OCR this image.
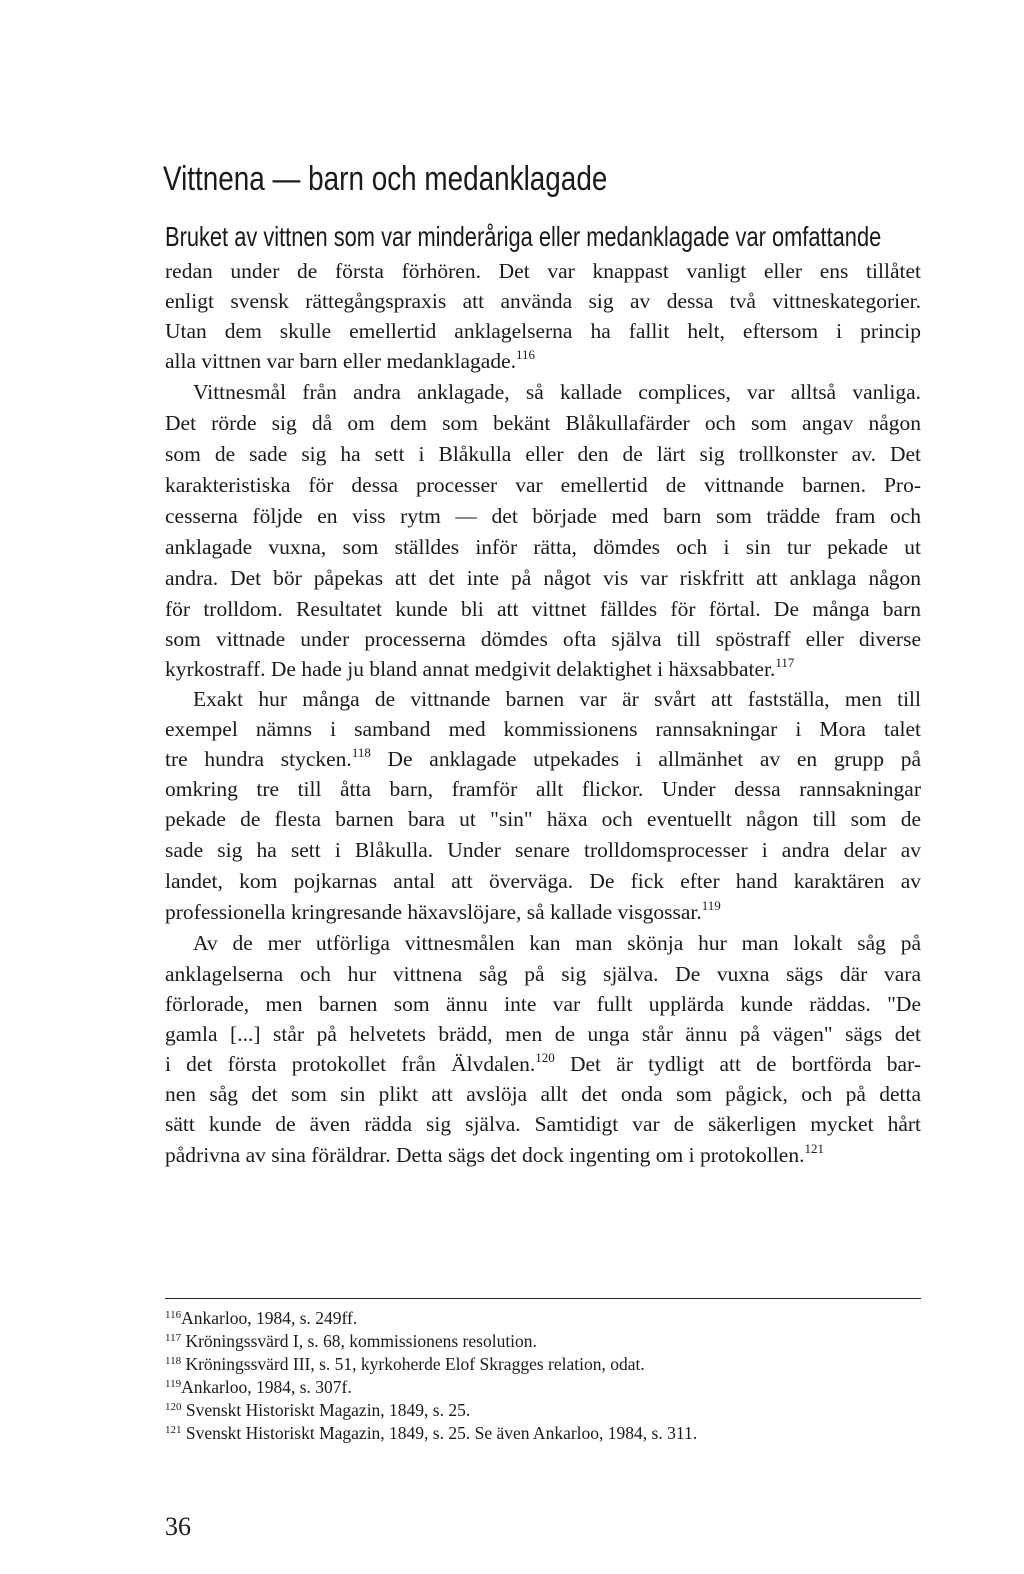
Vittnena — barn och medanklagade
Bruket av vittnen som var minderåriga eller medanklagade var omfattande
redan under de första förhören. Det var knappast vanligt eller ens tillåtet
enligt svensk rättegångspraxis att använda sig av dessa två vittneskategorier.
Utan dem skulle emellertid anklagelserna ha fallit helt, eftersom i princip
alla vittnen var barn eller medanklagade.$^{116}$
Vittnesmål från andra anklagade, så kallade complices, var alltså vanliga.
Det rörde sig då om dem som bekänt Blåkullafärder och som angav någon
som de sade sig ha sett i Blåkulla eller den de lärt sig trollkonster av. Det
karakteristiska för dessa processer var emellertid de vittnande barnen. Pro-
cesserna följde en viss rytm — det började med barn som trädde fram och
anklagade vuxna, som ställdes inför rätta, dömdes och i sin tur pekade ut
andra. Det bör påpekas att det inte på något vis var riskfritt att anklaga någon
för trolldom. Resultatet kunde bli att vittnet fälldes för förtal. De många barn
som vittnade under processerna dömdes ofta själva till spöstraff eller diverse
kyrkostraff. De hade ju bland annat medgivit delaktighet i häxsabbater.$^{117}$
Exakt hur många de vittnande barnen var är svårt att fastställa, men till
exempel nämns i samband med kommissionens rannsakningar i Mora talet
tre hundra stycken.$^{118}$ De anklagade utpekades i allmänhet av en grupp på
omkring tre till åtta barn, framför allt flickor. Under dessa rannsakningar
pekade de flesta barnen bara ut "sin" häxa och eventuellt någon till som de
sade sig ha sett i Blåkulla. Under senare trolldomsprocesser i andra delar av
landet, kom pojkarnas antal att överväga. De fick efter hand karaktären av
professionella kringresande häxavslöjare, så kallade visgossar.$^{119}$
Av de mer utförliga vittnesmålen kan man skönja hur man lokalt såg på
anklagelserna och hur vittnena såg på sig själva. De vuxna sägs där vara
förlorade, men barnen som ännu inte var fullt upplärda kunde räddas. "De
gamla [...] står på helvetets brädd, men de unga står ännu på vägen" sägs det
i det första protokollet från Älvdalen.$^{120}$ Det är tydligt att de bortförda bar-
nen såg det som sin plikt att avslöja allt det onda som pågick, och på detta
sätt kunde de även rädda sig själva. Samtidigt var de säkerligen mycket hårt
pådrivna av sina föräldrar. Detta sägs det dock ingenting om i protokollen.$^{121}$
$^{116}$Ankarloo, 1984, s. 249ff.
$^{117}$ Kröningssvärd I, s. 68, kommissionens resolution.
$^{118}$ Kröningssvärd III, s. 51, kyrkoherde Elof Skragges relation, odat.
$^{119}$Ankarloo, 1984, s. 307f.
$^{120}$ Svenskt Historiskt Magazin, 1849, s. 25.
$^{121}$ Svenskt Historiskt Magazin, 1849, s. 25. Se även Ankarloo, 1984, s. 311.
36
